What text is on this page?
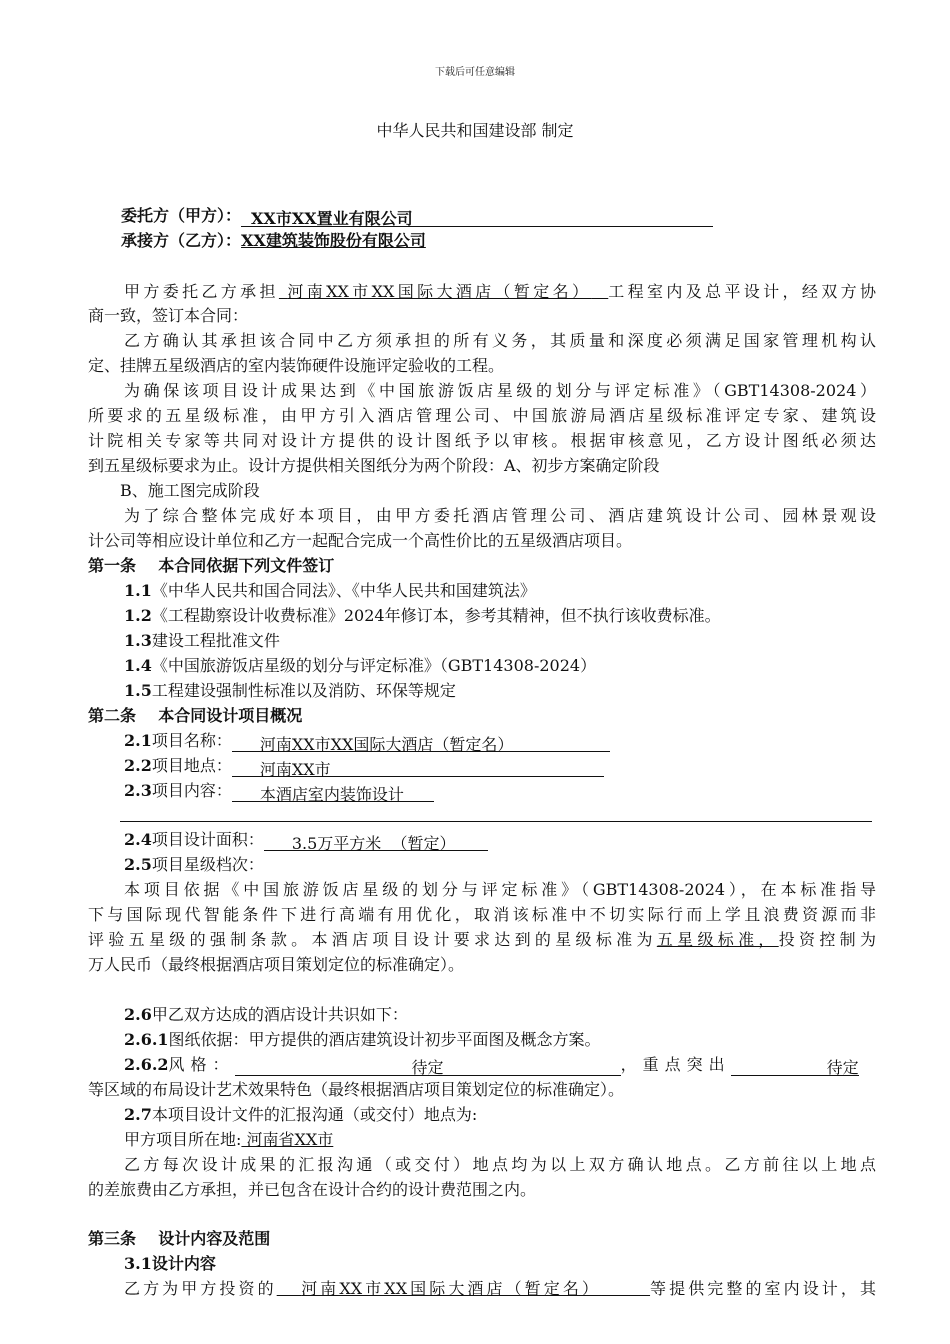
下载后可任意编辑
中华人民共和国建设部 制定
委托方（甲方）： XX市XX置业有限公司
承接方（乙方）：XX建筑装饰股份有限公司
甲方委托乙方承担 河南XX市XX国际大酒店（暂定名） 工程室内及总平设计，经双方协
商一致，签订本合同：
乙方确认其承担该合同中乙方须承担的所有义务，其质量和深度必须满足国家管理机构认
定、挂牌五星级酒店的室内装饰硬件设施评定验收的工程。
为确保该项目设计成果达到《中国旅游饭店星级的划分与评定标准》（GBT14308-2024）
所要求的五星级标准，由甲方引入酒店管理公司、中国旅游局酒店星级标准评定专家、建筑设
计院相关专家等共同对设计方提供的设计图纸予以审核。根据审核意见，乙方设计图纸必须达
到五星级标要求为止。设计方提供相关图纸分为两个阶段：A、初步方案确定阶段
B、施工图完成阶段
为了综合整体完成好本项目，由甲方委托酒店管理公司、酒店建筑设计公司、园林景观设
计公司等相应设计单位和乙方一起配合完成一个高性价比的五星级酒店项目。
第一条    本合同依据下列文件签订
1.1《中华人民共和国合同法》、《中华人民共和国建筑法》
1.2《工程勘察设计收费标准》2024年修订本，参考其精神，但不执行该收费标准。
1.3建设工程批准文件
1.4《中国旅游饭店星级的划分与评定标准》（GBT14308-2024）
1.5工程建设强制性标准以及消防、环保等规定
第二条    本合同设计项目概况
2.1项目名称： 河南XX市XX国际大酒店（暂定名）
2.2项目地点： 河南XX市
2.3项目内容： 本酒店室内装饰设计
2.4项目设计面积： 3.5万平方米  （暂定）
2.5项目星级档次：
本项目依据《中国旅游饭店星级的划分与评定标准》（GBT14308-2024），在本标准指导
下与国际现代智能条件下进行高端有用优化，取消该标准中不切实际行而上学且浪费资源而非
评验五星级的强制条款。本酒店项目设计要求达到的星级标准为五星级标准，投资控制为
万人民币（最终根据酒店项目策划定位的标准确定）。
2.6甲乙双方达成的酒店设计共识如下：
2.6.1图纸依据：甲方提供的酒店建筑设计初步平面图及概念方案。
2.6.2风格：	待定	，重点突出	待定
等区域的布局设计艺术效果特色（最终根据酒店项目策划定位的标准确定）。
2.7本项目设计文件的汇报沟通（或交付）地点为:
甲方项目所在地: 河南省XX市
乙方每次设计成果的汇报沟通（或交付）地点均为以上双方确认地点。乙方前往以上地点
的差旅费由乙方承担，并已包含在设计合约的设计费范围之内。
第三条    设计内容及范围
3.1设计内容
乙方为甲方投资的 河南XX市XX国际大酒店（暂定名）	等提供完整的室内设计，其
